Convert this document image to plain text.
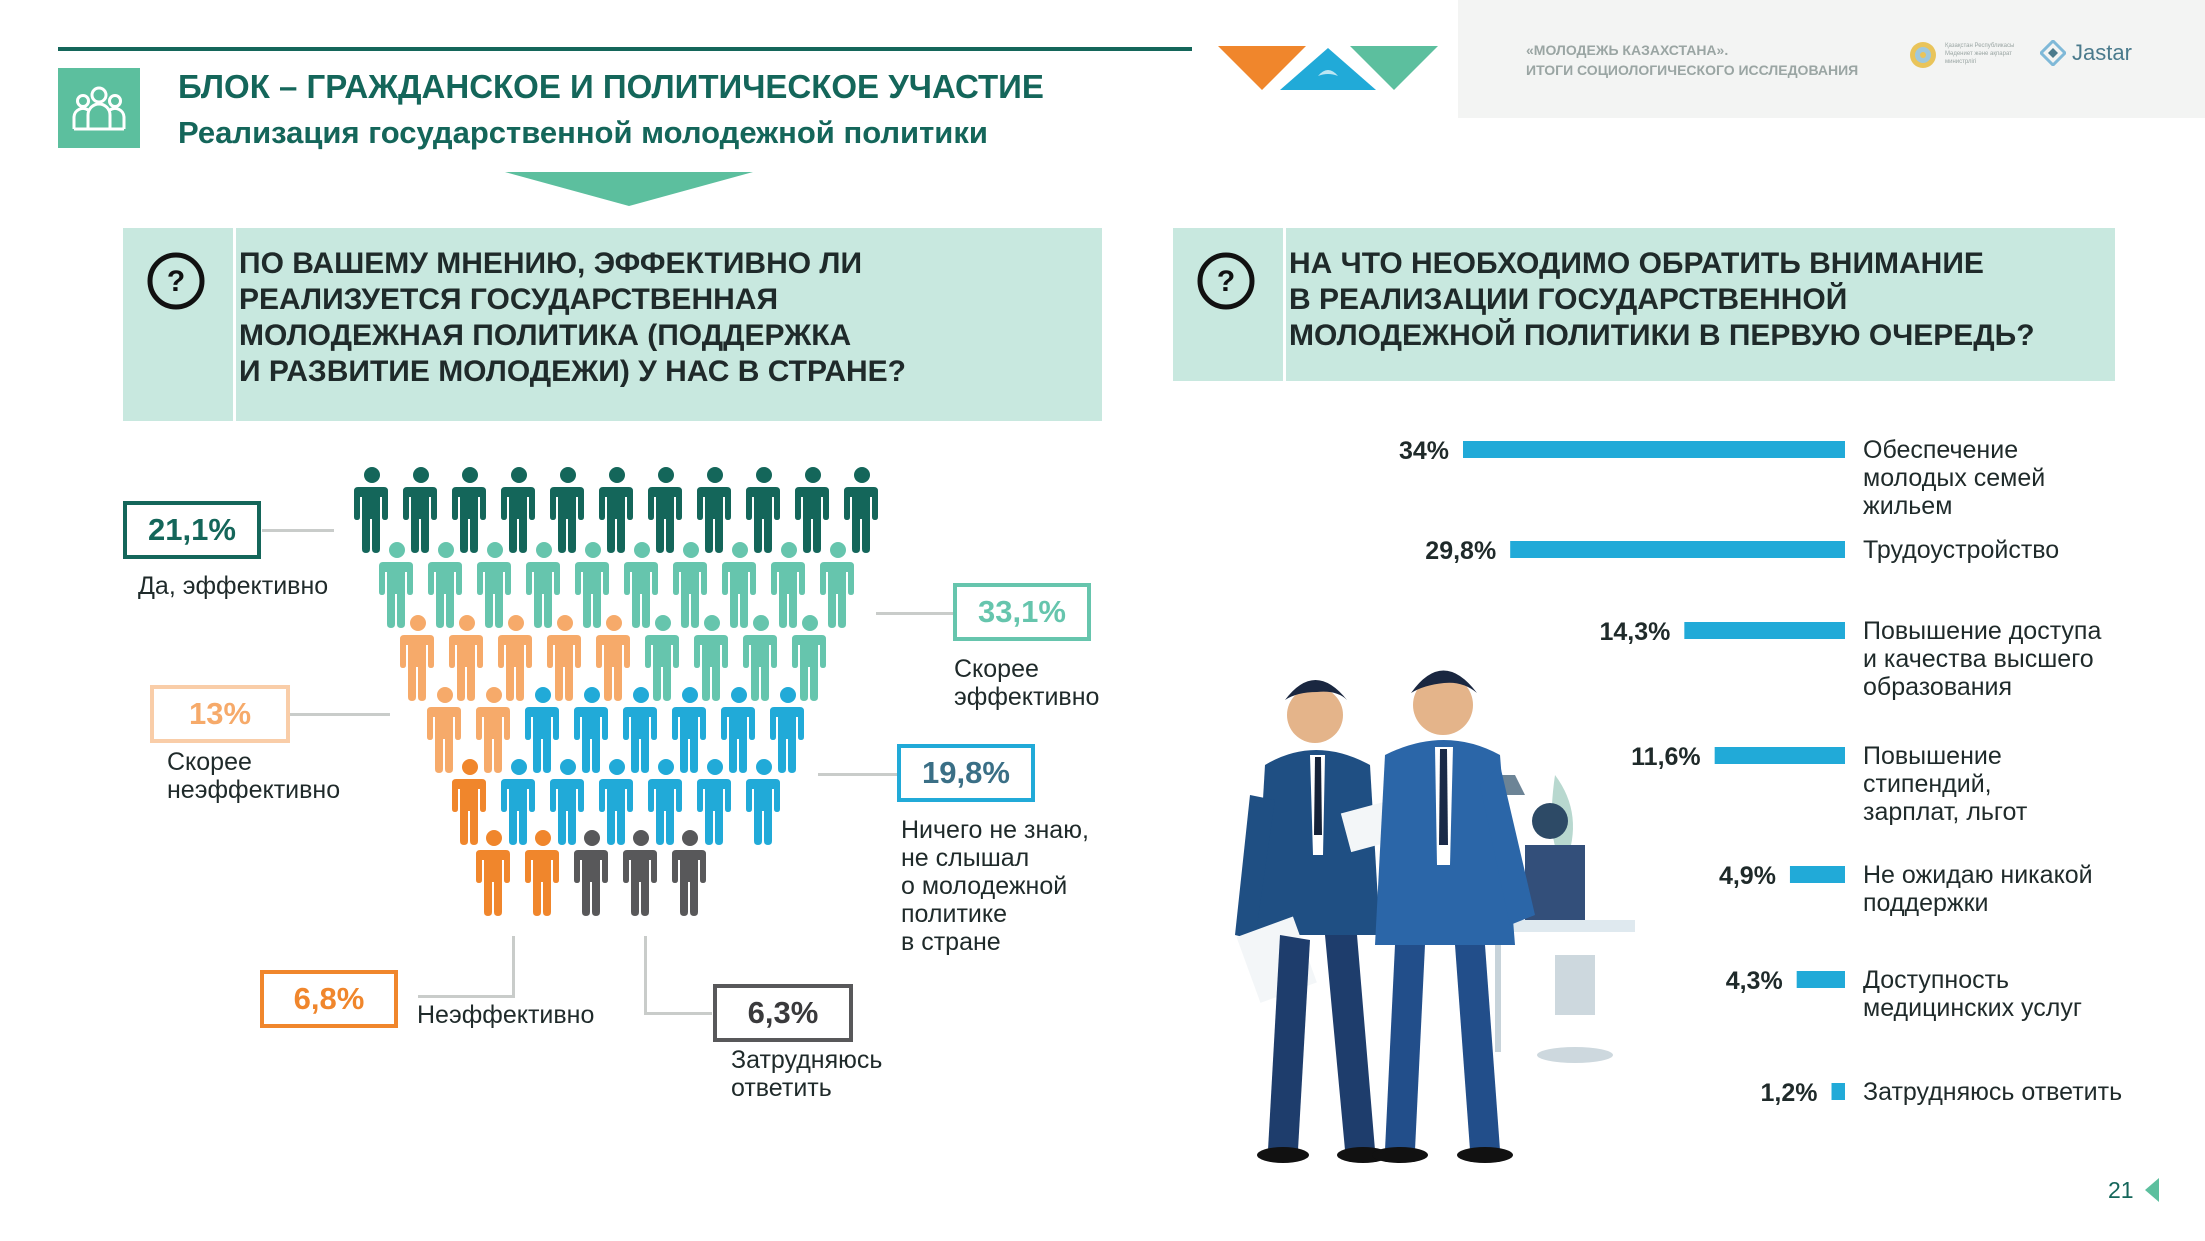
БЛОК – ГРАЖДАНСКОЕ И ПОЛИТИЧЕСКОЕ УЧАСТИЕ
Реализация государственной молодежной политики
«МОЛОДЕЖЬ КАЗАХСТАНА».
ИТОГИ СОЦИОЛОГИЧЕСКОГО ИССЛЕДОВАНИЯ
Қазақстан Республикасы Мәдениет және ақпарат министрлігі	Jastar
?
ПО ВАШЕМУ МНЕНИЮ, ЭФФЕКТИВНО ЛИ
РЕАЛИЗУЕТСЯ ГОСУДАРСТВЕННАЯ
МОЛОДЕЖНАЯ ПОЛИТИКА (ПОДДЕРЖКА
И РАЗВИТИЕ МОЛОДЕЖИ) У НАС В СТРАНЕ?
?
НА ЧТО НЕОБХОДИМО ОБРАТИТЬ ВНИМАНИЕ
В РЕАЛИЗАЦИИ ГОСУДАРСТВЕННОЙ
МОЛОДЕЖНОЙ ПОЛИТИКИ В ПЕРВУЮ ОЧЕРЕДЬ?
21,1%
Да, эффективно
33,1%
Скорее
эффективно
13%
Скорее
неэффективно	19,8%
Ничего не знаю,
не слышал
о молодежной
политике
в стране
6,8%	Неэффективно	6,3%
Затрудняюсь
ответить
34%	Обеспечение
молодых семей
жильем
29,8%	Трудоустройство
14,3%	Повышение доступа
и качества высшего
образования
11,6%	Повышение
стипендий,
зарплат, льгот
4,9%	Не ожидаю никакой
поддержки
4,3%	Доступность
медицинских услуг
1,2% Затрудняюсь ответить
21
